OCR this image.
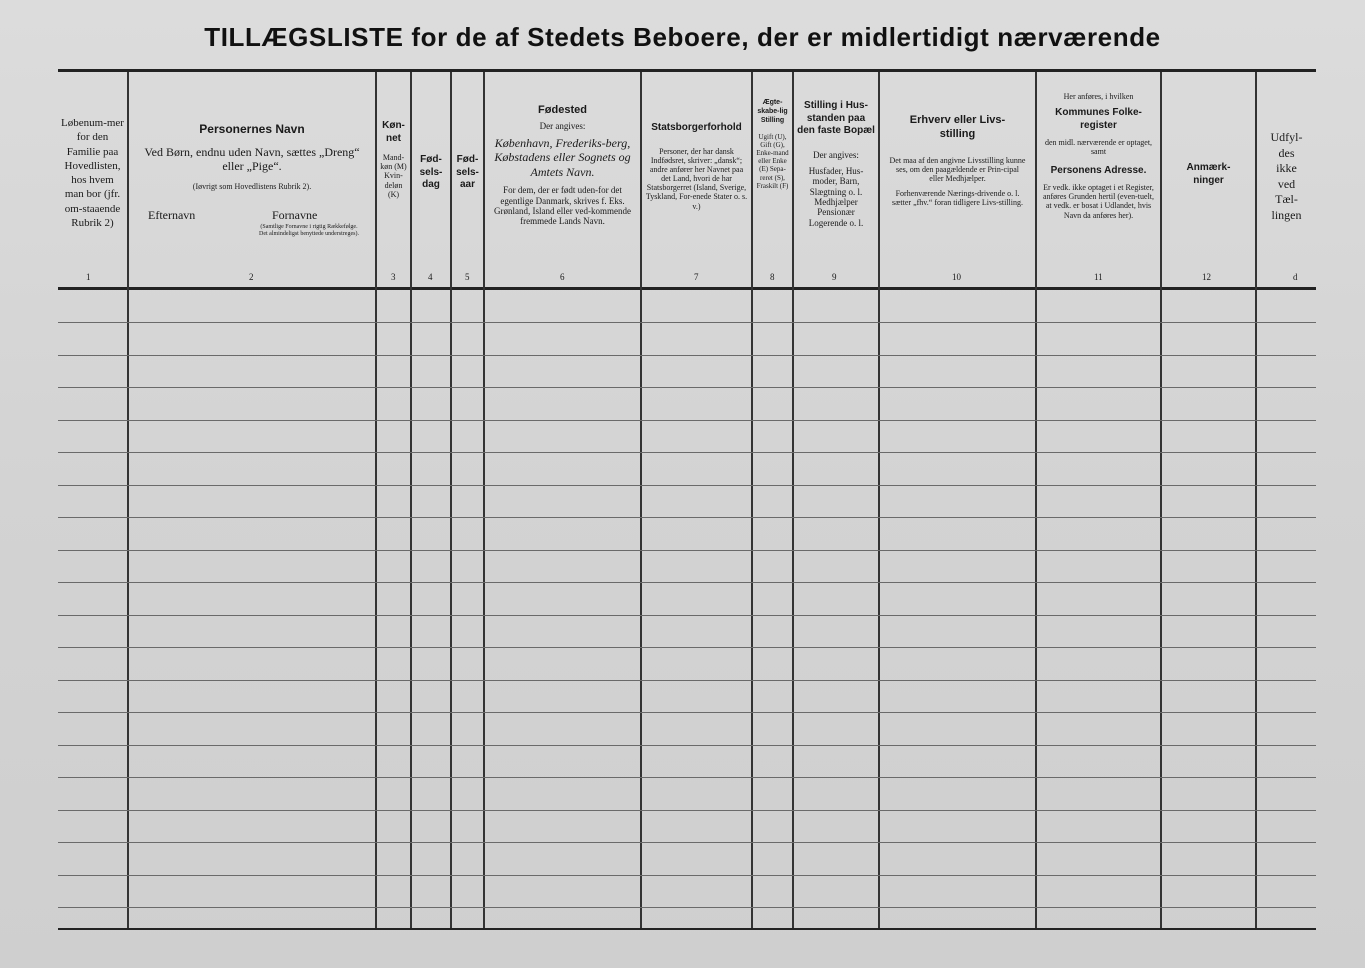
TILLÆGSLISTE for de af Stedets Beboere, der er midlertidigt nærværende
Løbenum-mer for den Familie paa Hovedlisten, hos hvem man bor (jfr. om-staaende Rubrik 2)
Personernes Navn
Ved Børn, endnu uden Navn, sættes „Dreng“ eller „Pige“.
(Iøvrigt som Hovedlistens Rubrik 2).
Efternavn	Fornavne
(Samtlige Fornavne i rigtig Rækkefølge. Det almindeligst benyttede understreges).
Køn-net
Mand-køn (M) Kvin-deløn (K)
Fød-sels-dag
Fød-sels-aar
Fødested
Der angives:
København, Frederiks-berg, Købstadens eller Sognets og Amtets Navn.
For dem, der er født uden-for det egentlige Danmark, skrives f. Eks. Grønland, Island eller ved-kommende fremmede Lands Navn.
Statsborgerforhold
Personer, der har dansk Indfødsret, skriver: „dansk“; andre anfører her Navnet paa det Land, hvori de har Statsborgerret (Island, Sverige, Tyskland, For-enede Stater o. s. v.)
Ægte-skabe-lig Stilling
Ugift (U), Gift (G), Enke-mand eller Enke (E) Sepa-reret (S), Fraskilt (F)
Stilling i Hus-standen paa den faste Bopæl
Der angives:
Husfader, Hus-moder, Barn, Slægtning o. l. Medhjælper Pensionær Logerende o. l.
Erhverv eller Livs-stilling
Det maa af den angivne Livsstilling kunne ses, om den paagældende er Prin-cipal eller Medhjælper.
Forhenværende Nærings-drivende o. l. sætter „fhv.“ foran tidligere Livs-stilling.
Her anføres, i hvilken
Kommunes Folke-register
den midl. nærværende er optaget, samt
Personens Adresse.
Er vedk. ikke optaget i et Register, anføres Grunden hertil (even-tuelt, at vedk. er bosat i Udlandet, hvis Navn da anføres her).
Anmærk-ninger
Udfyl-des ikke ved Tæl-lingen
1	2	3	4	5	6	7	8	9	10	11	12	d
